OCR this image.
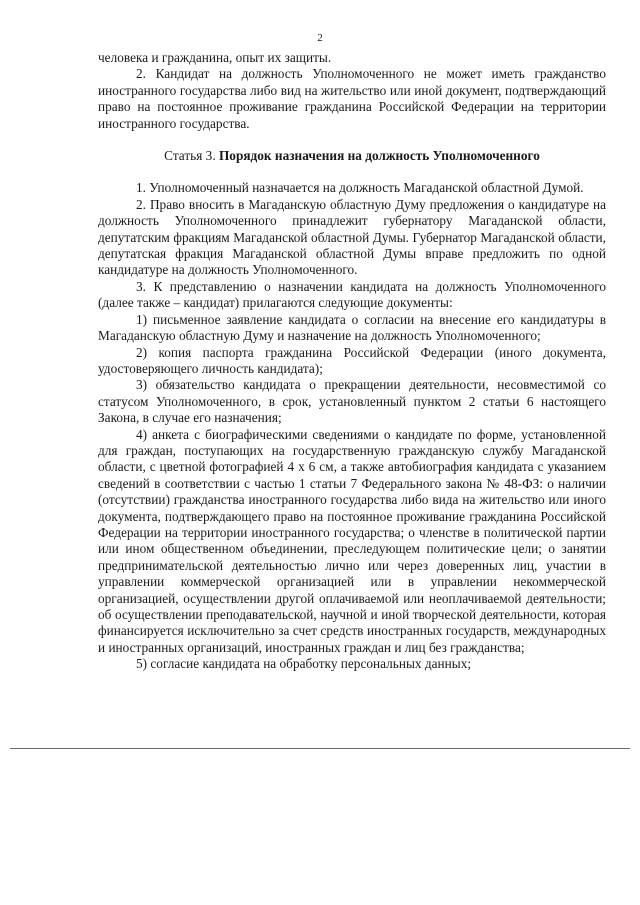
2

человека и гражданина, опыт их защиты.

2. Кандидат на должность Уполномоченного не может иметь гражданство иностранного государства либо вид на жительство или иной документ, подтверждающий право на постоянное проживание гражданина Российской Федерации на территории иностранного государства.

Статья 3. Порядок назначения на должность Уполномоченного

1. Уполномоченный назначается на должность Магаданской областной Думой.

2. Право вносить в Магаданскую областную Думу предложения о кандидатуре на должность Уполномоченного принадлежит губернатору Магаданской области, депутатским фракциям Магаданской областной Думы. Губернатор Магаданской области, депутатская фракция Магаданской областной Думы вправе предложить по одной кандидатуре на должность Уполномоченного.

3. К представлению о назначении кандидата на должность Уполномоченного (далее также – кандидат) прилагаются следующие документы:

1) письменное заявление кандидата о согласии на внесение его кандидатуры в Магаданскую областную Думу и назначение на должность Уполномоченного;

2) копия паспорта гражданина Российской Федерации (иного документа, удостоверяющего личность кандидата);

3) обязательство кандидата о прекращении деятельности, несовместимой со статусом Уполномоченного, в срок, установленный пунктом 2 статьи 6 настоящего Закона, в случае его назначения;

4) анкета с биографическими сведениями о кандидате по форме, установленной для граждан, поступающих на государственную гражданскую службу Магаданской области, с цветной фотографией 4 х 6 см, а также автобиография кандидата с указанием сведений в соответствии с частью 1 статьи 7 Федерального закона № 48-ФЗ: о наличии (отсутствии) гражданства иностранного государства либо вида на жительство или иного документа, подтверждающего право на постоянное проживание гражданина Российской Федерации на территории иностранного государства; о членстве в политической партии или ином общественном объединении, преследующем политические цели; о занятии предпринимательской деятельностью лично или через доверенных лиц, участии в управлении коммерческой организацией или в управлении некоммерческой организацией, осуществлении другой оплачиваемой или неоплачиваемой деятельности; об осуществлении преподавательской, научной и иной творческой деятельности, которая финансируется исключительно за счет средств иностранных государств, международных и иностранных организаций, иностранных граждан и лиц без гражданства;

5) согласие кандидата на обработку персональных данных;
